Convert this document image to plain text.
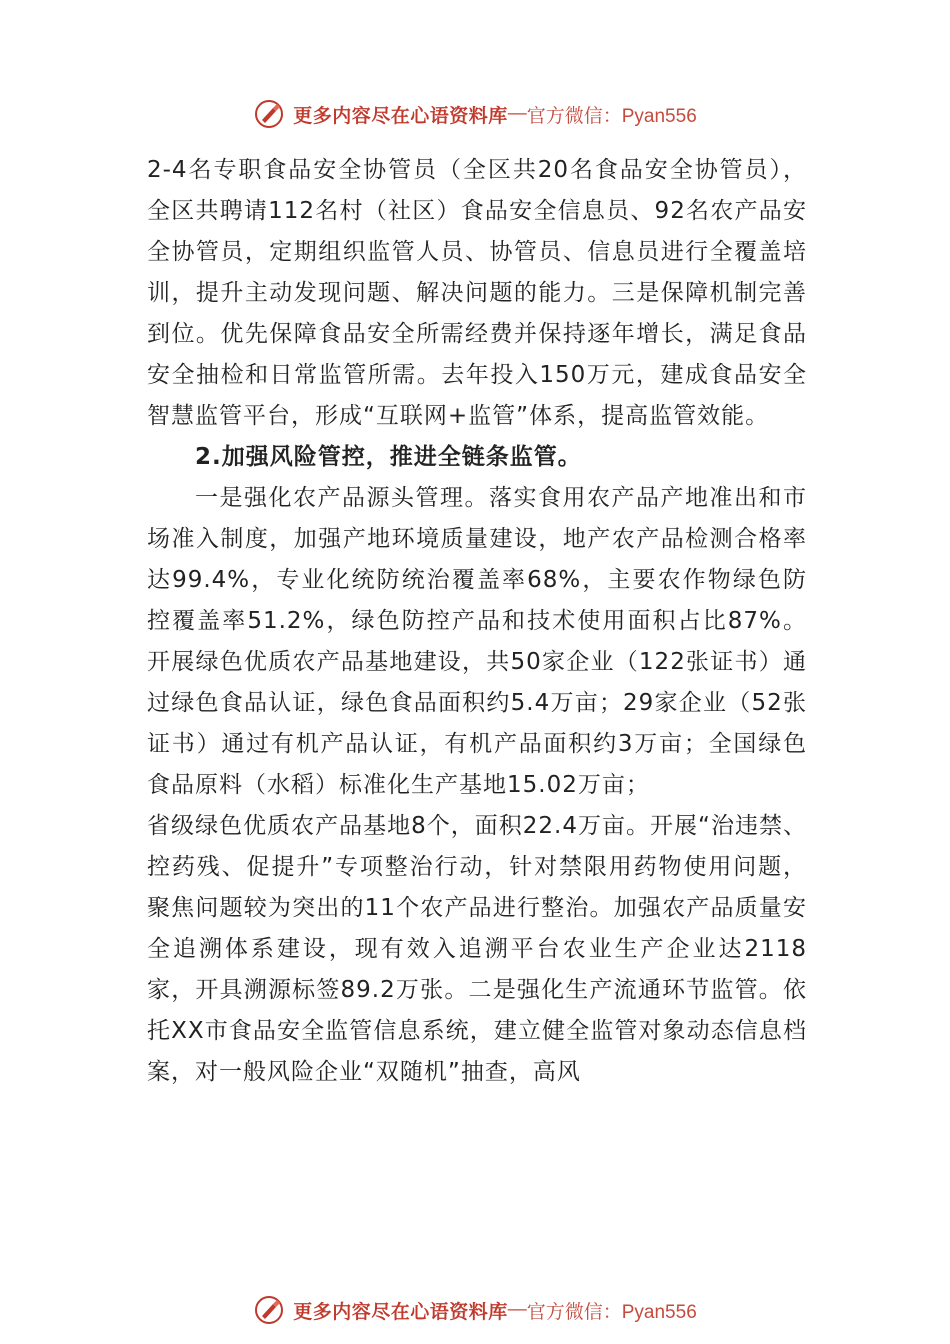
更多内容尽在心语资料库 — 官方微信：Pyan556

2-4名专职食品安全协管员（全区共20名食品安全协管员），全区共聘请112名村（社区）食品安全信息员、92名农产品安全协管员，定期组织监管人员、协管员、信息员进行全覆盖培训，提升主动发现问题、解决问题的能力。三是保障机制完善到位。优先保障食品安全所需经费并保持逐年增长，满足食品安全抽检和日常监管所需。去年投入150万元，建成食品安全智慧监管平台，形成“互联网+监管”体系，提高监管效能。

2.加强风险管控，推进全链条监管。

一是强化农产品源头管理。落实食用农产品产地准出和市场准入制度，加强产地环境质量建设，地产农产品检测合格率达99.4%，专业化统防统治覆盖率68%，主要农作物绿色防控覆盖率51.2%，绿色防控产品和技术使用面积占比87%。开展绿色优质农产品基地建设，共50家企业（122张证书）通过绿色食品认证，绿色食品面积约5.4万亩；29家企业（52张证书）通过有机产品认证，有机产品面积约3万亩；全国绿色食品原料（水稻）标准化生产基地15.02万亩；

省级绿色优质农产品基地8个，面积22.4万亩。开展“治违禁、控药残、促提升”专项整治行动，针对禁限用药物使用问题，聚焦问题较为突出的11个农产品进行整治。加强农产品质量安全追溯体系建设，现有效入追溯平台农业生产企业达2118家，开具溯源标签89.2万张。二是强化生产流通环节监管。依托XX市食品安全监管信息系统，建立健全监管对象动态信息档案，对一般风险企业“双随机”抽查，高风

更多内容尽在心语资料库 — 官方微信：Pyan556
